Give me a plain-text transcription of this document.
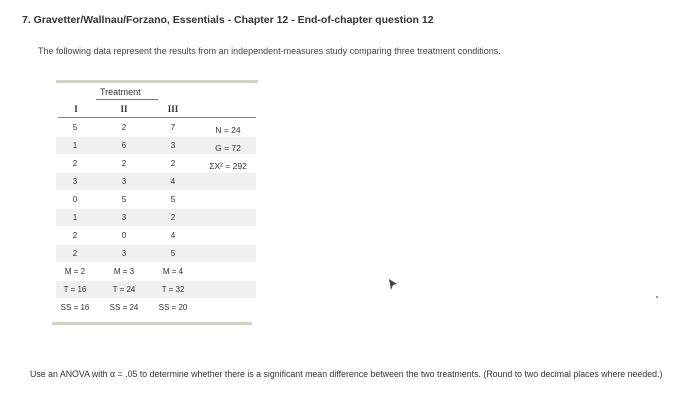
7. Gravetter/Wallnau/Forzano, Essentials - Chapter 12 - End-of-chapter question 12
The following data represent the results from an independent-measures study comparing three treatment conditions.
Treatment
I	II	III
5	2	7
1	6	3
2	2	2
3	3	4
0	5	5
1	3	2
2	0	4
2	3	5
M = 2	M = 3	M = 4
T = 16	T = 24	T = 32
SS = 16	SS = 24	SS = 20
N = 24
G = 72
ΣX² = 292
Use an ANOVA with α = .05 to determine whether there is a significant mean difference between the two treatments. (Round to two decimal places where needed.)
